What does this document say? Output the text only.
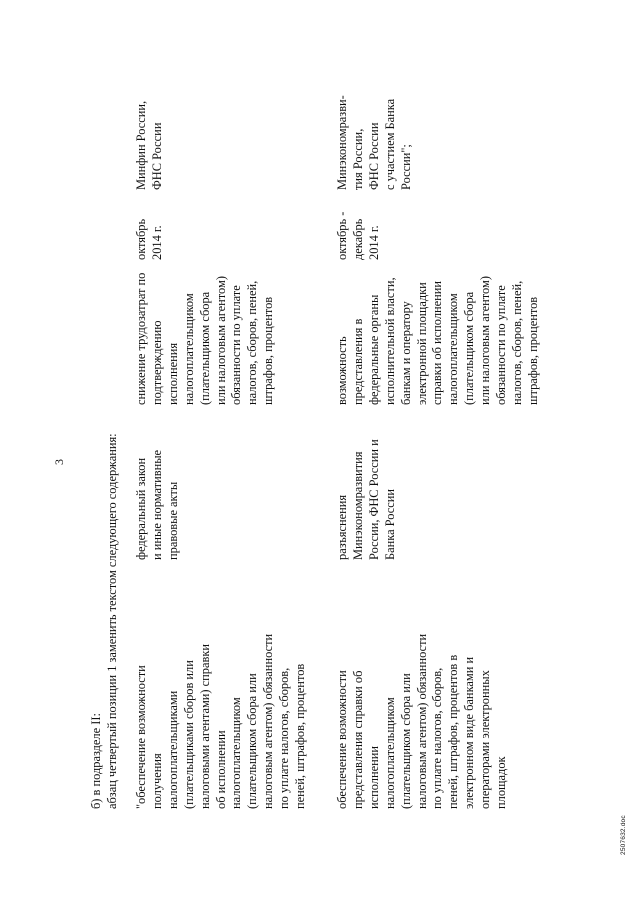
3
б) в подразделе II: абзац четвертый позиции 1 заменить текстом следующего содержания: "обеспечение возможности
получения
налогоплательщиками
(плательщиками сборов или
налоговыми агентами) справки
об исполнении
налогоплательщиком
(плательщиком сбора или
налоговым агентом) обязанности
по уплате налогов, сборов,
пеней, штрафов, процентов
федеральный закон
и иные нормативные
правовые акты
снижение трудозатрат по
подтверждению
исполнения
налогоплательщиком
(плательщиком сбора
или налоговым агентом)
обязанности по уплате
налогов, сборов, пеней,
штрафов, процентов
октябрь
2014 г.
Минфин России,
ФНС России
обеспечение возможности
представления справки об
исполнении
налогоплательщиком
(плательщиком сбора или
налоговым агентом) обязанности
по уплате налогов, сборов,
пеней, штрафов, процентов в
электронном виде банками и
операторами электронных
площадок
разъяснения
Минэкономразвития
России, ФНС России и
Банка России
возможность
представления в
федеральные органы
исполнительной власти,
банкам и оператору
электронной площадки
справки об исполнении
налогоплательщиком
(плательщиком сбора
или налоговым агентом)
обязанности по уплате
налогов, сборов, пеней,
штрафов, процентов
октябрь -
декабрь
2014 г.
Минэкономразви-
тия России,
ФНС России
с участием Банка
России";
2507632.doc
